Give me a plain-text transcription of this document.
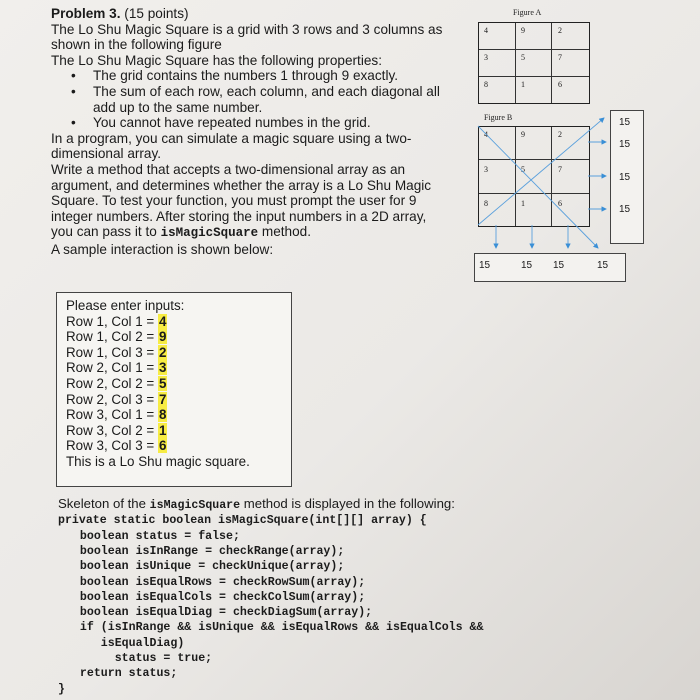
Problem 3. (15 points)

The Lo Shu Magic Square is a grid with 3 rows and 3 columns as

shown in the following figure

The Lo Shu Magic Square has the following properties:

• The grid contains the numbers 1 through 9 exactly.

• The sum of each row, each column, and each diagonal all

add up to the same number.

• You cannot have repeated numbes in the grid.

In a program, you can simulate a magic square using a two-

dimensional array.

Write a method that accepts a two-dimensional array as an

argument, and determines whether the array is a Lo Shu Magic

Square. To test your function, you must prompt the user for 9

integer numbers. After storing the input numbers in a 2D array,

you can pass it to isMagicSquare method.

A sample interaction is shown below:

Please enter inputs:
Row 1, Col 1 = 4
Row 1, Col 2 = 9
Row 1, Col 3 = 2
Row 2, Col 1 = 3
Row 2, Col 2 = 5
Row 2, Col 3 = 7
Row 3, Col 1 = 8
Row 3, Col 2 = 1
Row 3, Col 3 = 6
This is a Lo Shu magic square.
Skeleton of the isMagicSquare method is displayed in the following:
private static boolean isMagicSquare(int[][] array) {
boolean status = false;
boolean isInRange = checkRange(array);
boolean isUnique = checkUnique(array);
boolean isEqualRows = checkRowSum(array);
boolean isEqualCols = checkColSum(array);
boolean isEqualDiag = checkDiagSum(array);
if (isInRange && isUnique && isEqualRows && isEqualCols &&
isEqualDiag)
status = true;
return status;
}
Figure A
4	9	2
3	5	7
8	1	6
Figure B
4	9	2
3	5	7
8	1	6
15
15
15
15
15	15 15	15
